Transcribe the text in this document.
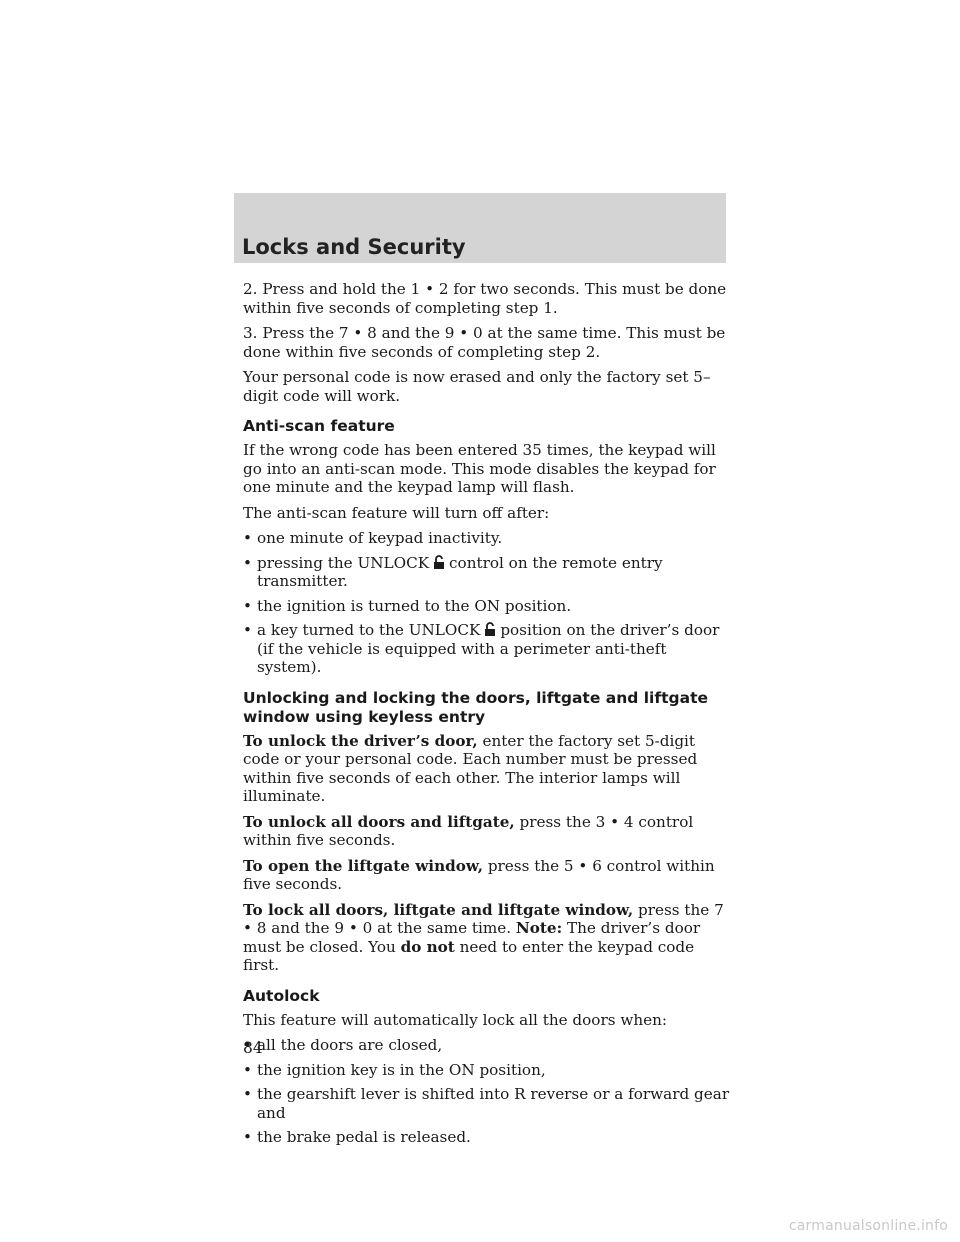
Locks and Security

2. Press and hold the 1 • 2 for two seconds. This must be done within five seconds of completing step 1.

3. Press the 7 • 8 and the 9 • 0 at the same time. This must be done within five seconds of completing step 2.

Your personal code is now erased and only the factory set 5–digit code will work.

Anti-scan feature

If the wrong code has been entered 35 times, the keypad will go into an anti-scan mode. This mode disables the keypad for one minute and the keypad lamp will flash.

The anti-scan feature will turn off after:

• one minute of keypad inactivity.
• pressing the UNLOCK control on the remote entry transmitter.
• the ignition is turned to the ON position.
• a key turned to the UNLOCK position on the driver’s door (if the vehicle is equipped with a perimeter anti-theft system).
Unlocking and locking the doors, liftgate and liftgate window using keyless entry

To unlock the driver’s door, enter the factory set 5-digit code or your personal code. Each number must be pressed within five seconds of each other. The interior lamps will illuminate.

To unlock all doors and liftgate, press the 3 • 4 control within five seconds.

To open the liftgate window, press the 5 • 6 control within five seconds.

To lock all doors, liftgate and liftgate window, press the 7 • 8 and the 9 • 0 at the same time. Note: The driver’s door must be closed. You do not need to enter the keypad code first.

Autolock

This feature will automatically lock all the doors when:

• all the doors are closed,
• the ignition key is in the ON position,
• the gearshift lever is shifted into R reverse or a forward gear and
• the brake pedal is released.
84
carmanualsonline.info
